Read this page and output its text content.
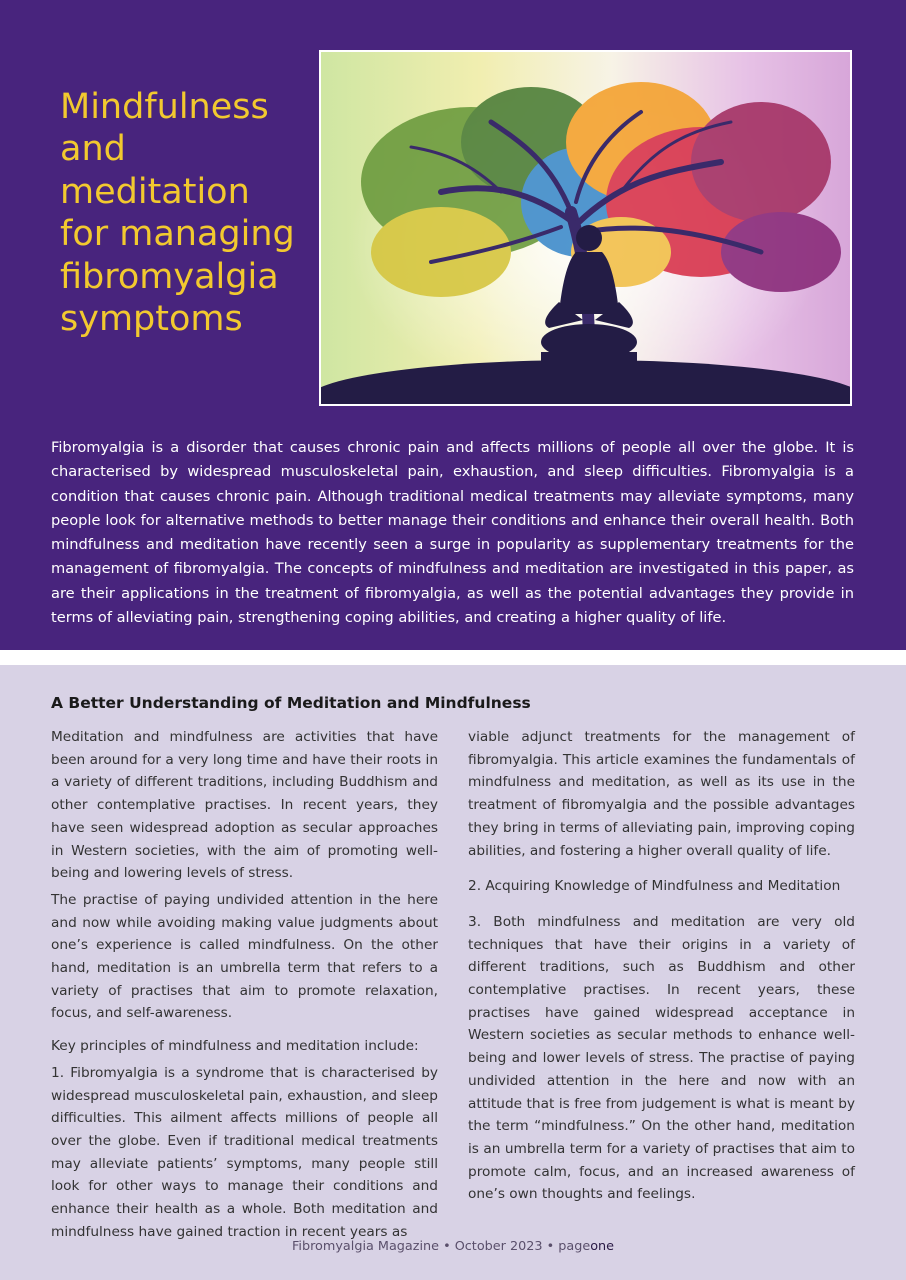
Mindfulness and meditation for managing fibromyalgia symptoms

Fibromyalgia is a disorder that causes chronic pain and affects millions of people all over the globe. It is characterised by widespread musculoskeletal pain, exhaustion, and sleep difficulties. Fibromyalgia is a condition that causes chronic pain. Although traditional medical treatments may alleviate symptoms, many people look for alternative methods to better manage their conditions and enhance their overall health. Both mindfulness and meditation have recently seen a surge in popularity as supplementary treatments for the management of fibromyalgia. The concepts of mindfulness and meditation are investigated in this paper, as are their applications in the treatment of fibromyalgia, as well as the potential advantages they provide in terms of alleviating pain, strengthening coping abilities, and creating a higher quality of life.

A Better Understanding of Meditation and Mindfulness

Meditation and mindfulness are activities that have been around for a very long time and have their roots in a variety of different traditions, including Buddhism and other contemplative practises. In recent years, they have seen widespread adoption as secular approaches in Western societies, with the aim of promoting well-being and lowering levels of stress.

The practise of paying undivided attention in the here and now while avoiding making value judgments about one’s experience is called mindfulness. On the other hand, meditation is an umbrella term that refers to a variety of practises that aim to promote relaxation, focus, and self-awareness.

Key principles of mindfulness and meditation include:

1. Fibromyalgia is a syndrome that is characterised by widespread musculoskeletal pain, exhaustion, and sleep difficulties. This ailment affects millions of people all over the globe. Even if traditional medical treatments may alleviate patients’ symptoms, many people still look for other ways to manage their conditions and enhance their health as a whole. Both meditation and mindfulness have gained traction in recent years as

viable adjunct treatments for the management of fibromyalgia. This article examines the fundamentals of mindfulness and meditation, as well as its use in the treatment of fibromyalgia and the possible advantages they bring in terms of alleviating pain, improving coping abilities, and fostering a higher overall quality of life.

2. Acquiring Knowledge of Mindfulness and Meditation

3. Both mindfulness and meditation are very old techniques that have their origins in a variety of different traditions, such as Buddhism and other contemplative practises. In recent years, these practises have gained widespread acceptance in Western societies as secular methods to enhance well-being and lower levels of stress. The practise of paying undivided attention in the here and now with an attitude that is free from judgement is what is meant by the term “mindfulness.” On the other hand, meditation is an umbrella term for a variety of practises that aim to promote calm, focus, and an increased awareness of one’s own thoughts and feelings.

Fibromyalgia Magazine • October 2023 • pageone
